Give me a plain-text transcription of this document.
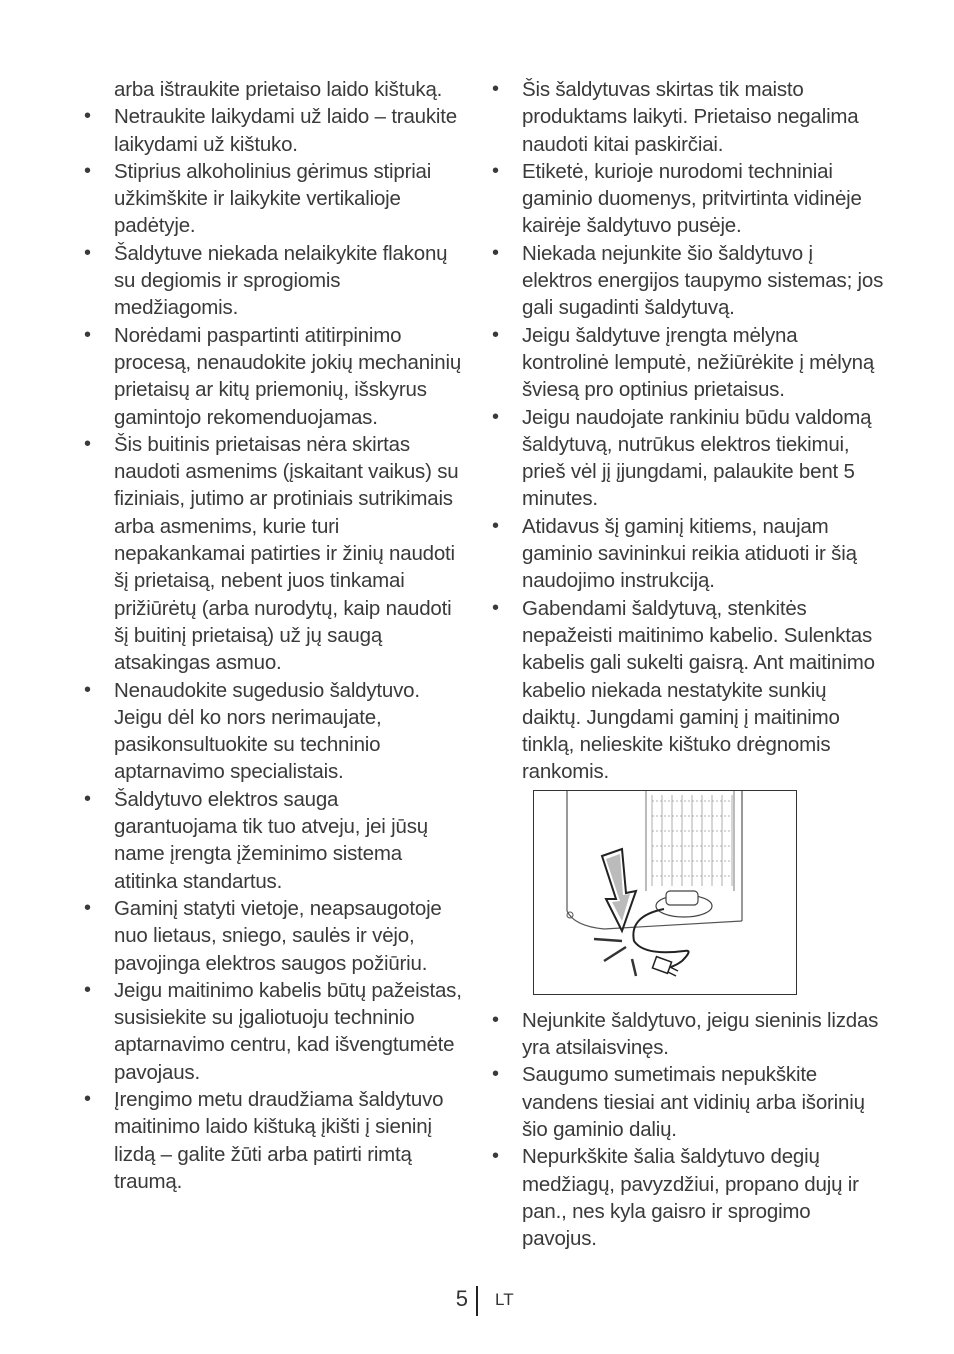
arba ištraukite prietaiso laido kištuką.
• Netraukite laikydami už laido – traukite laikydami už kištuko.
• Stiprius alkoholinius gėrimus stipriai užkimškite ir laikykite vertikalioje padėtyje.
• Šaldytuve niekada nelaikykite flakonų su degiomis ir sprogiomis medžiagomis.
• Norėdami paspartinti atitirpinimo procesą, nenaudokite jokių mechaninių prietaisų ar kitų priemonių, išskyrus gamintojo rekomenduojamas.
• Šis buitinis prietaisas nėra skirtas naudoti asmenims (įskaitant vaikus) su fiziniais, jutimo ar protiniais sutrikimais arba asmenims, kurie turi nepakankamai patirties ir žinių naudoti šį prietaisą, nebent juos tinkamai prižiūrėtų (arba nurodytų, kaip naudoti šį buitinį prietaisą) už jų saugą atsakingas asmuo.
• Nenaudokite sugedusio šaldytuvo. Jeigu dėl ko nors nerimaujate, pasikonsultuokite su techninio aptarnavimo specialistais.
• Šaldytuvo elektros sauga garantuojama tik tuo atveju, jei jūsų name įrengta įžeminimo sistema atitinka standartus.
• Gaminį statyti vietoje, neapsaugotoje nuo lietaus, sniego, saulės ir vėjo, pavojinga elektros saugos požiūriu.
• Jeigu maitinimo kabelis būtų pažeistas, susisiekite su įgaliotuoju techninio aptarnavimo centru, kad išvengtumėte pavojaus.
• Įrengimo metu draudžiama šaldytuvo maitinimo laido kištuką įkišti į sieninį lizdą – galite žūti arba patirti rimtą traumą.
• Šis šaldytuvas skirtas tik maisto produktams laikyti. Prietaiso negalima naudoti kitai paskirčiai.
• Etiketė, kurioje nurodomi techniniai gaminio duomenys, pritvirtinta vidinėje kairėje šaldytuvo pusėje.
• Niekada nejunkite šio šaldytuvo į elektros energijos taupymo sistemas; jos gali sugadinti šaldytuvą.
• Jeigu šaldytuve įrengta mėlyna kontrolinė lemputė, nežiūrėkite į mėlyną šviesą pro optinius prietaisus.
• Jeigu naudojate rankiniu būdu valdomą šaldytuvą, nutrūkus elektros tiekimui, prieš vėl jį įjungdami, palaukite bent 5 minutes.
• Atidavus šį gaminį kitiems, naujam gaminio savininkui reikia atiduoti ir šią naudojimo instrukciją.
• Gabendami šaldytuvą, stenkitės nepažeisti maitinimo kabelio. Sulenktas kabelis gali sukelti gaisrą. Ant maitinimo kabelio niekada nestatykite sunkių daiktų. Jungdami gaminį į maitinimo tinklą, nelieskite kištuko drėgnomis rankomis.
• Nejunkite šaldytuvo, jeigu sieninis lizdas yra atsilaisvinęs.
• Saugumo sumetimais nepukškite vandens tiesiai ant vidinių arba išorinių šio gaminio dalių.
• Nepurkškite šalia šaldytuvo degių medžiagų, pavyzdžiui, propano dujų ir pan., nes kyla gaisro ir sprogimo pavojus.
5 LT
